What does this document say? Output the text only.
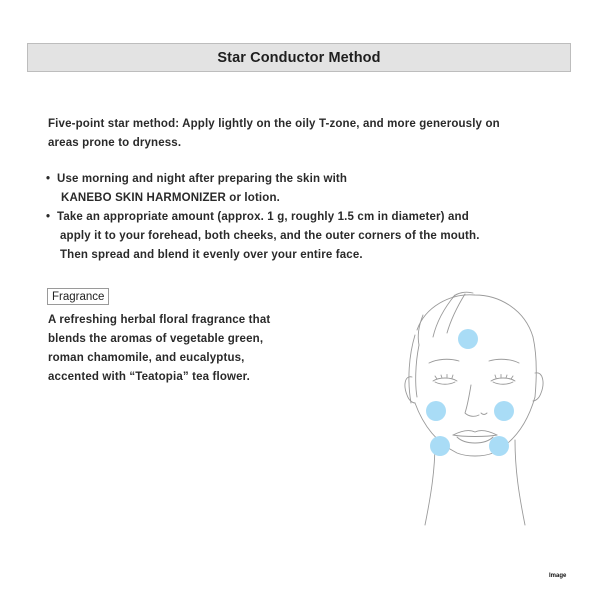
Star Conductor Method
Five-point star method: Apply lightly on the oily T-zone, and more generously on
areas prone to dryness.
• Use morning and night after preparing the skin with
KANEBO SKIN HARMONIZER or lotion.
• Take an appropriate amount (approx. 1 g, roughly 1.5 cm in diameter) and
apply it to your forehead, both cheeks, and the outer corners of the mouth.
Then spread and blend it evenly over your entire face.
Fragrance
A refreshing herbal floral fragrance that
blends the aromas of vegetable green,
roman chamomile, and eucalyptus,
accented with “Teatopia” tea flower.
Image
